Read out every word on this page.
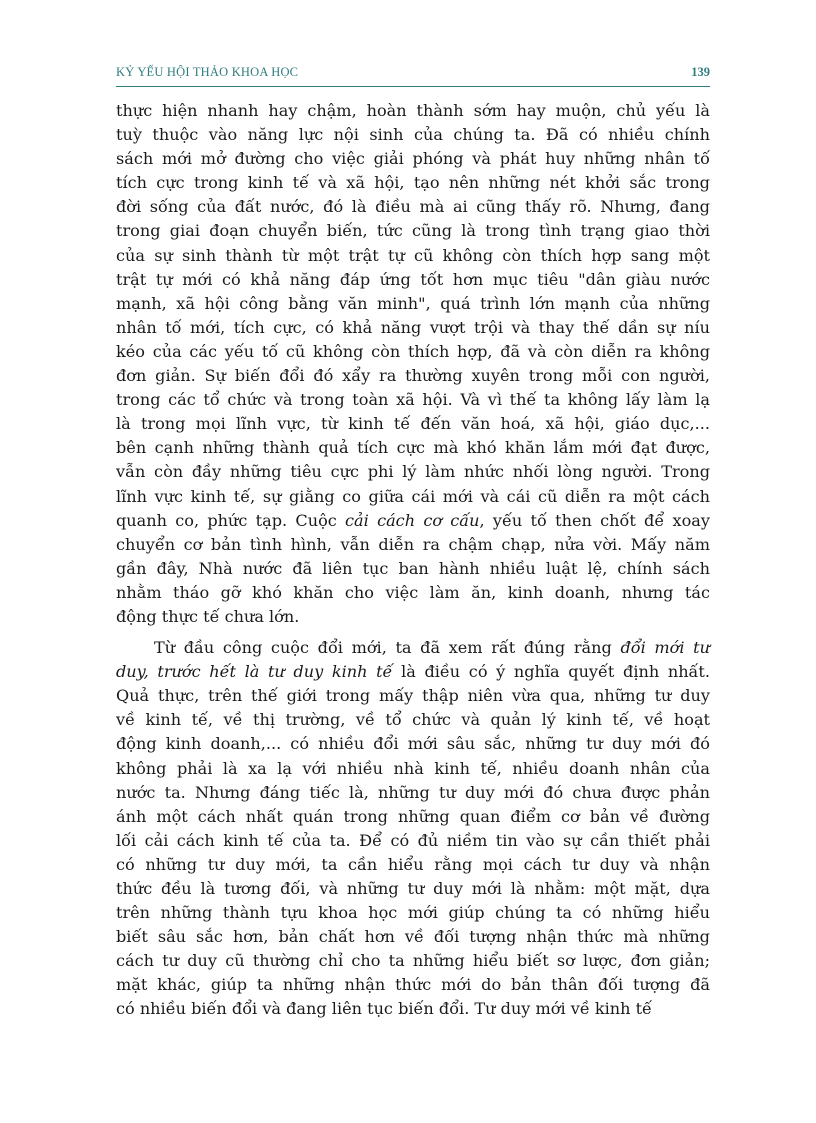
KỶ YẾU HỘI THẢO KHOA HỌC	139
thực hiện nhanh hay chậm, hoàn thành sớm hay muộn, chủ yếu là
tuỳ thuộc vào năng lực nội sinh của chúng ta. Đã có nhiều chính
sách mới mở đường cho việc giải phóng và phát huy những nhân tố
tích cực trong kinh tế và xã hội, tạo nên những nét khởi sắc trong
đời sống của đất nước, đó là điều mà ai cũng thấy rõ. Nhưng, đang
trong giai đoạn chuyển biến, tức cũng là trong tình trạng giao thời
của sự sinh thành từ một trật tự cũ không còn thích hợp sang một
trật tự mới có khả năng đáp ứng tốt hơn mục tiêu "dân giàu nước
mạnh, xã hội công bằng văn minh", quá trình lớn mạnh của những
nhân tố mới, tích cực, có khả năng vượt trội và thay thế dần sự níu
kéo của các yếu tố cũ không còn thích hợp, đã và còn diễn ra không
đơn giản. Sự biến đổi đó xẩy ra thường xuyên trong mỗi con người,
trong các tổ chức và trong toàn xã hội. Và vì thế ta không lấy làm lạ
là trong mọi lĩnh vực, từ kinh tế đến văn hoá, xã hội, giáo dục,...
bên cạnh những thành quả tích cực mà khó khăn lắm mới đạt được,
vẫn còn đầy những tiêu cực phi lý làm nhức nhối lòng người. Trong
lĩnh vực kinh tế, sự giằng co giữa cái mới và cái cũ diễn ra một cách
quanh co, phức tạp. Cuộc cải cách cơ cấu, yếu tố then chốt để xoay
chuyển cơ bản tình hình, vẫn diễn ra chậm chạp, nửa vời. Mấy năm
gần đây, Nhà nước đã liên tục ban hành nhiều luật lệ, chính sách
nhằm tháo gỡ khó khăn cho việc làm ăn, kinh doanh, nhưng tác
động thực tế chưa lớn.
Từ đầu công cuộc đổi mới, ta đã xem rất đúng rằng đổi mới tư
duy, trước hết là tư duy kinh tế là điều có ý nghĩa quyết định nhất.
Quả thực, trên thế giới trong mấy thập niên vừa qua, những tư duy
về kinh tế, về thị trường, về tổ chức và quản lý kinh tế, về hoạt
động kinh doanh,... có nhiều đổi mới sâu sắc, những tư duy mới đó
không phải là xa lạ với nhiều nhà kinh tế, nhiều doanh nhân của
nước ta. Nhưng đáng tiếc là, những tư duy mới đó chưa được phản
ánh một cách nhất quán trong những quan điểm cơ bản về đường
lối cải cách kinh tế của ta. Để có đủ niềm tin vào sự cần thiết phải
có những tư duy mới, ta cần hiểu rằng mọi cách tư duy và nhận
thức đều là tương đối, và những tư duy mới là nhằm: một mặt, dựa
trên những thành tựu khoa học mới giúp chúng ta có những hiểu
biết sâu sắc hơn, bản chất hơn về đối tượng nhận thức mà những
cách tư duy cũ thường chỉ cho ta những hiểu biết sơ lược, đơn giản;
mặt khác, giúp ta những nhận thức mới do bản thân đối tượng đã
có nhiều biến đổi và đang liên tục biến đổi. Tư duy mới về kinh tế
